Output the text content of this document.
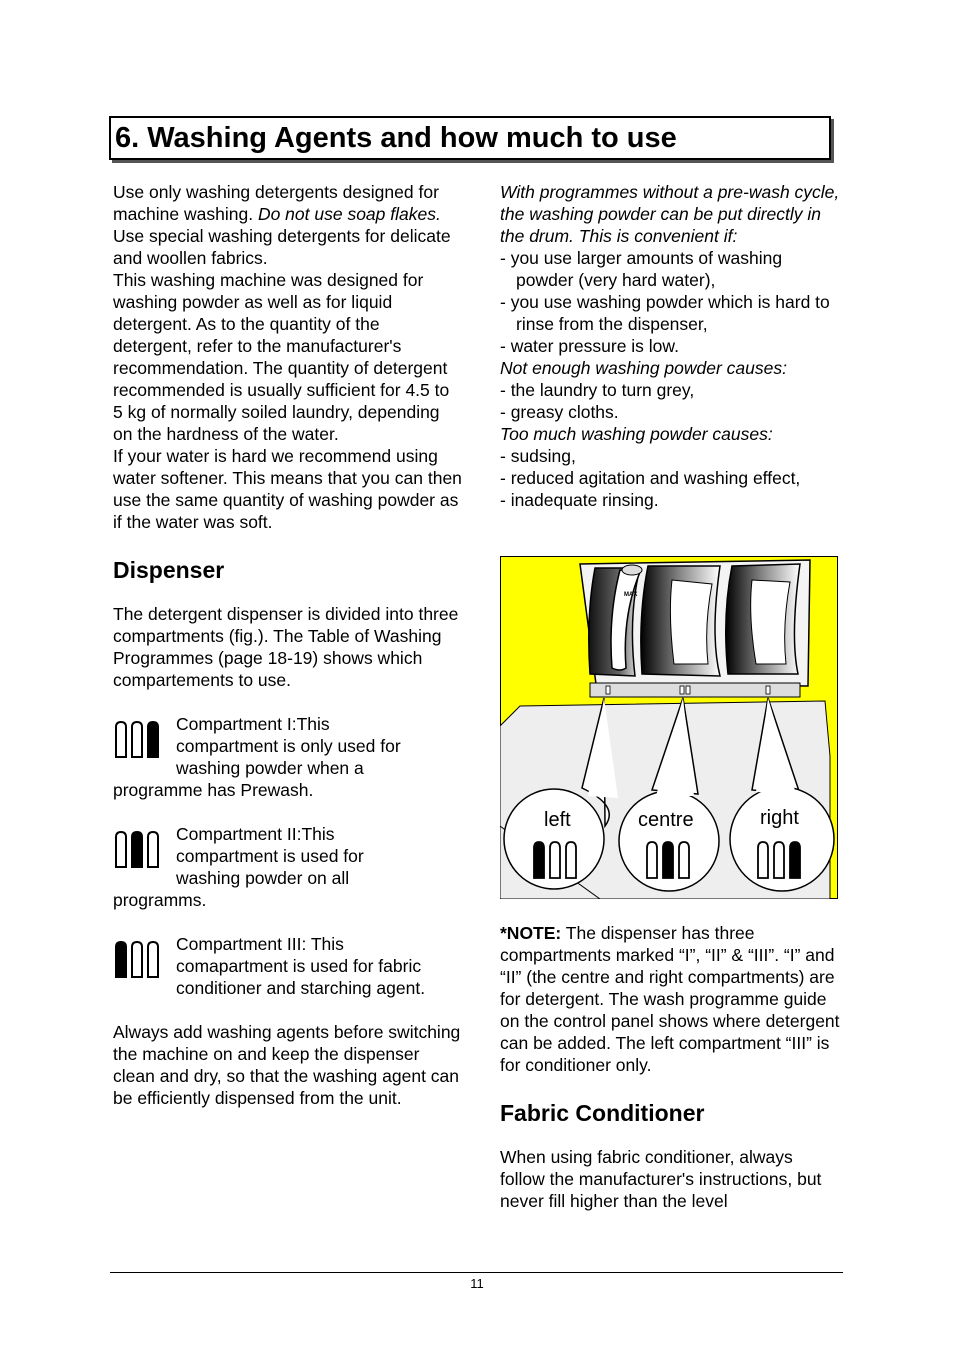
6. Washing Agents and how much to use

Use only washing detergents designed for machine washing. Do not use soap flakes.

Use special washing detergents for delicate and woollen fabrics.

This washing machine was designed for washing powder as well as for liquid detergent. As to the quantity of the detergent, refer to the manufacturer's recommendation. The quantity of detergent recommended is usually sufficient for 4.5 to 5 kg of normally soiled laundry, depending on the hardness of the water.

If your water is hard we recommend using water softener. This means that you can then use the same quantity of washing powder as if the water was soft.

Dispenser

The detergent dispenser is divided into three compartments (fig.). The Table of Washing Programmes (page 18-19) shows which compartements to use.

Compartment I:This

compartment is only used for

washing powder when a

programme has Prewash.

Compartment II:This

compartment is used for

washing powder on all

programms.

Compartment III: This

comapartment is used for fabric

conditioner and starching agent.

Always add washing agents before switching the machine on and keep the dispenser clean and dry, so that the washing agent can be efficiently dispensed from the unit.

With programmes without a pre-wash cycle, the washing powder can be put directly in the drum. This is convenient if:

- you use larger amounts of washing powder (very hard water),

- you use washing powder which is hard to rinse from the dispenser,

- water pressure is low.

Not enough washing powder causes:

- the laundry to turn grey,

- greasy cloths.

Too much washing powder causes:

- sudsing,

- reduced agitation and washing effect,

- inadequate rinsing.

MAX
left	centre	right

*NOTE: The dispenser has three compartments marked “I”, “II” & “III”. “I” and “II” (the centre and right compartments) are for detergent. The wash programme guide on the control panel shows where detergent can be added. The left compartment “III” is for conditioner only.

Fabric Conditioner

When using fabric conditioner, always follow the manufacturer's instructions, but never fill higher than the level

11
